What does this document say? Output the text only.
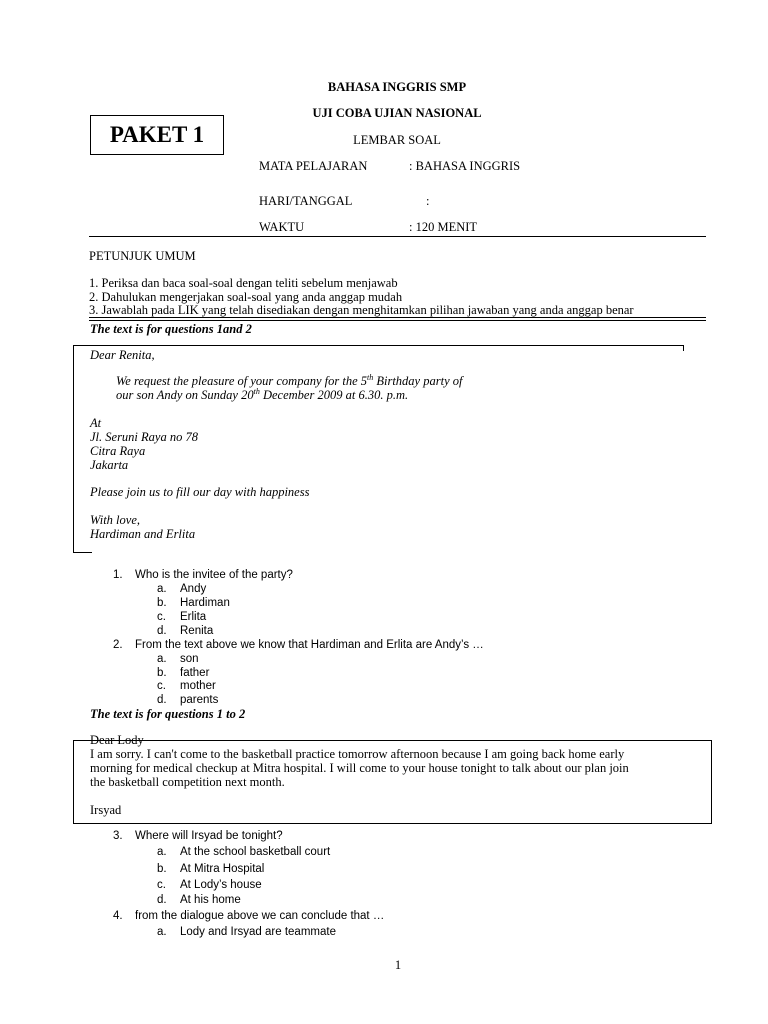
BAHASA INGGRIS SMP
UJI COBA UJIAN NASIONAL
LEMBAR SOAL
PAKET 1
MATA PELAJARAN	: BAHASA INGGRIS
HARI/TANGGAL	:
WAKTU	: 120 MENIT
PETUNJUK UMUM
1. Periksa dan baca soal-soal dengan teliti sebelum menjawab
2. Dahulukan mengerjakan soal-soal yang anda anggap mudah
3. Jawablah pada LIK yang telah disediakan dengan menghitamkan pilihan jawaban yang anda anggap benar
The text is for questions 1and 2
Dear Renita,
We request the pleasure of your company for the 5th Birthday party of
our son Andy on Sunday 20th December 2009 at 6.30. p.m.
At
Jl. Seruni Raya no 78
Citra Raya
Jakarta
Please join us to fill our day with happiness
With love,
Hardiman and Erlita
1. Who is the invitee of the party?
a. Andy
b. Hardiman
c. Erlita
d. Renita
2. From the text above we know that Hardiman and Erlita are Andy’s …
a. son
b. father
c. mother
d. parents
The text is for questions 1 to 2
Dear Lody
I am sorry. I can't come to the basketball practice tomorrow afternoon because I am going back home early
morning for medical checkup at Mitra hospital. I will come to your house tonight to talk about our plan join
the basketball competition next month.
Irsyad
3. Where will Irsyad be tonight?
a. At the school basketball court
b. At Mitra Hospital
c. At Lody’s house
d. At his home
4. from the dialogue above we can conclude that …
a. Lody and Irsyad are teammate
1
